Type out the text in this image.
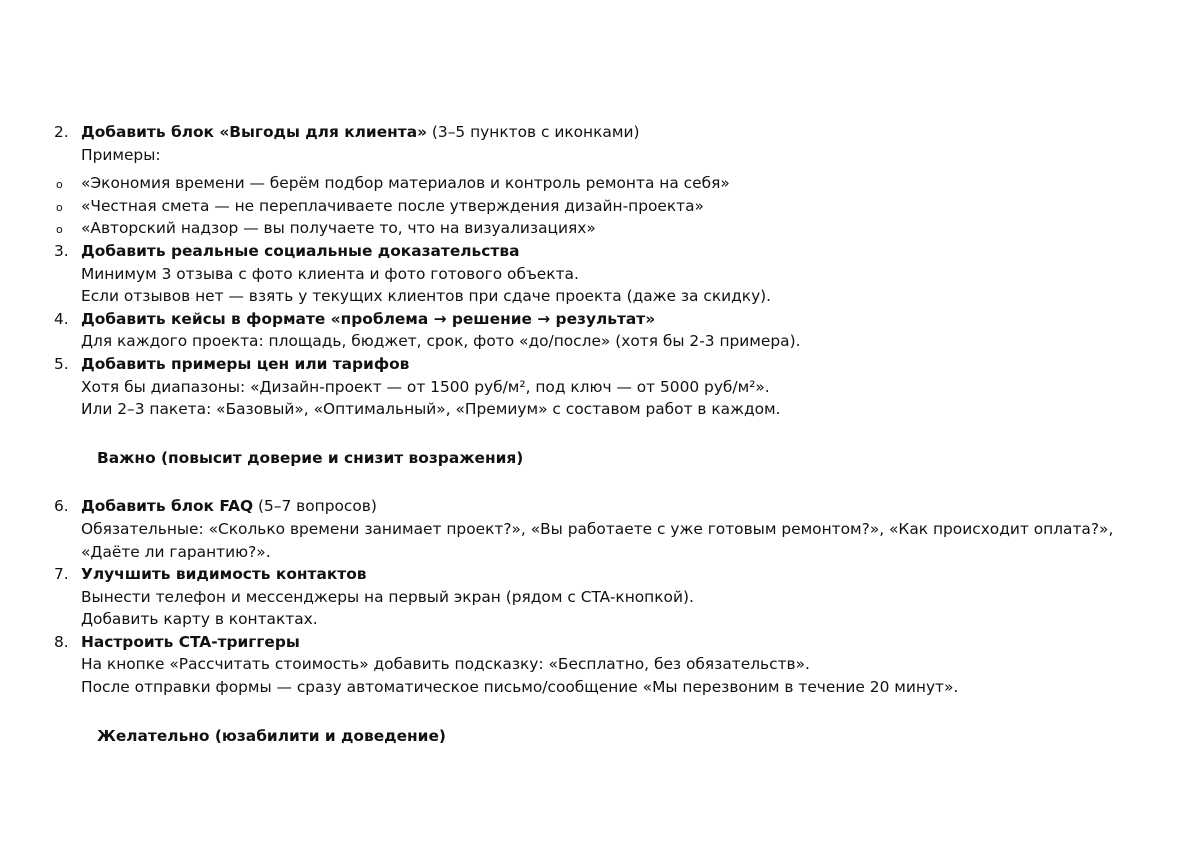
2. Добавить блок «Выгоды для клиента» (3–5 пунктов с иконками)
Примеры:
o «Экономия времени — берём подбор материалов и контроль ремонта на себя»
o «Честная смета — не переплачиваете после утверждения дизайн-проекта»
o «Авторский надзор — вы получаете то, что на визуализациях»
3. Добавить реальные социальные доказательства
Минимум 3 отзыва с фото клиента и фото готового объекта.
Если отзывов нет — взять у текущих клиентов при сдаче проекта (даже за скидку).
4. Добавить кейсы в формате «проблема → решение → результат»
Для каждого проекта: площадь, бюджет, срок, фото «до/после» (хотя бы 2-3 примера).
5. Добавить примеры цен или тарифов
Хотя бы диапазоны: «Дизайн-проект — от 1500 руб/м², под ключ — от 5000 руб/м²».
Или 2–3 пакета: «Базовый», «Оптимальный», «Премиум» с составом работ в каждом.
Важно (повысит доверие и снизит возражения)
6. Добавить блок FAQ (5–7 вопросов)
Обязательные: «Сколько времени занимает проект?», «Вы работаете с уже готовым ремонтом?», «Как происходит оплата?»,
«Даёте ли гарантию?».
7. Улучшить видимость контактов
Вынести телефон и мессенджеры на первый экран (рядом с CTA-кнопкой).
Добавить карту в контактах.
8. Настроить CTA-триггеры
На кнопке «Рассчитать стоимость» добавить подсказку: «Бесплатно, без обязательств».
После отправки формы — сразу автоматическое письмо/сообщение «Мы перезвоним в течение 20 минут».
Желательно (юзабилити и доведение)
